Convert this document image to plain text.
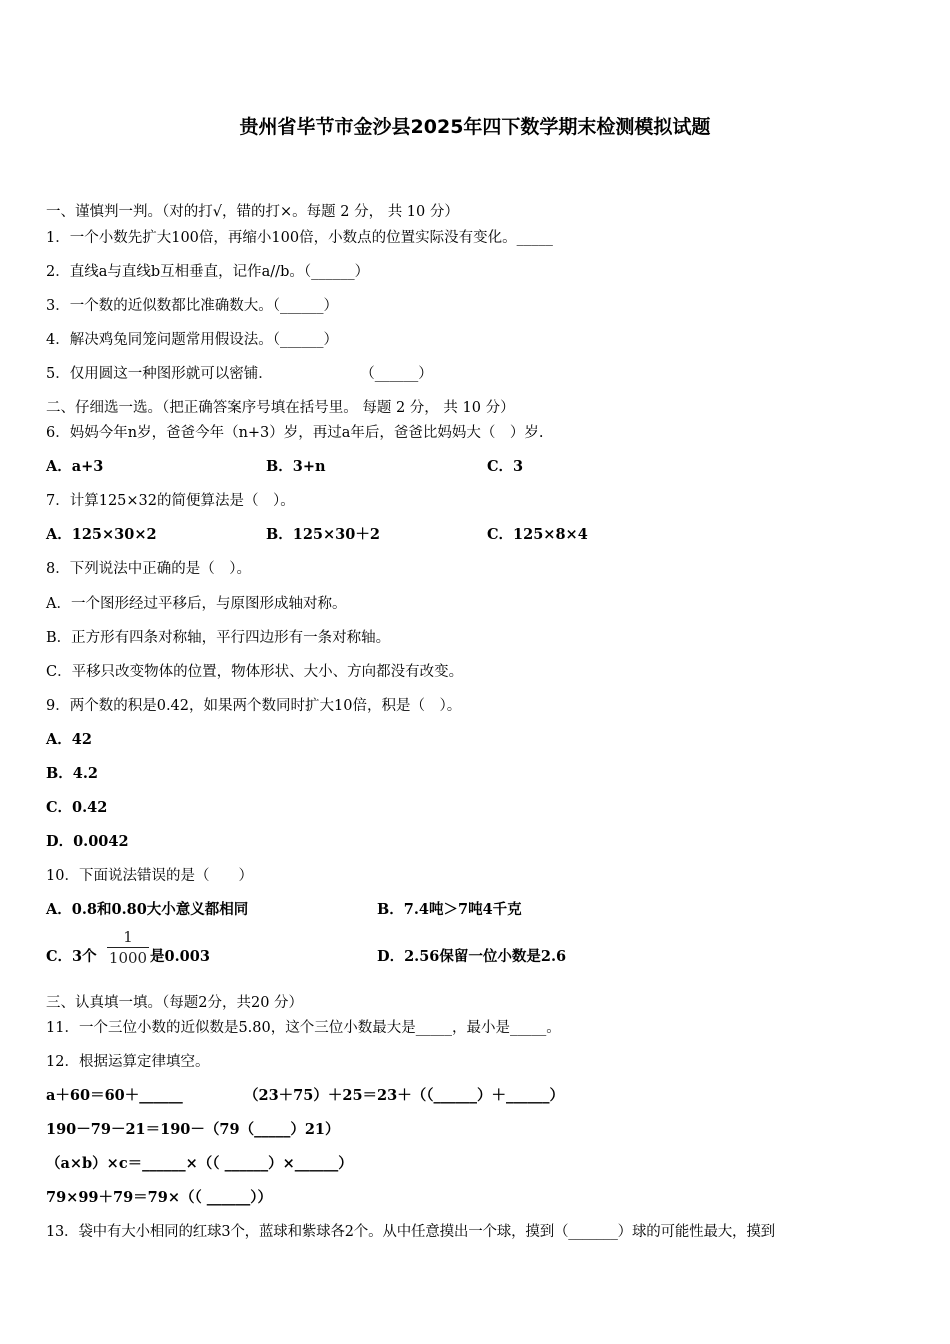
贵州省毕节市金沙县2025年四下数学期末检测模拟试题
一、谨慎判一判。（对的打√，错的打×。每题 2 分， 共 10 分）
1．一个小数先扩大100倍，再缩小100倍，小数点的位置实际没有变化。_____
2．直线a与直线b互相垂直，记作a//b。（______）
3．一个数的近似数都比准确数大。（______）
4．解决鸡兔同笼问题常用假设法。（______）
5．仅用圆这一种图形就可以密铺．                   （______）
二、仔细选一选。（把正确答案序号填在括号里。 每题 2 分， 共 10 分）
6．妈妈今年n岁，爸爸今年（n+3）岁，再过a年后，爸爸比妈妈大（　）岁.
A．a+3	B．3+n	C．3
7．计算125×32的简便算法是（　）。
A．125×30×2	B．125×30＋2	C．125×8×4
8．下列说法中正确的是（　）。
A．一个图形经过平移后，与原图形成轴对称。
B．正方形有四条对称轴，平行四边形有一条对称轴。
C．平移只改变物体的位置，物体形状、大小、方向都没有改变。
9．两个数的积是0.42，如果两个数同时扩大10倍，积是（　）。
A．42
B．4.2
C．0.42
D．0.0042
10．下面说法错误的是（　　）
A．0.8和0.80大小意义都相同	B．7.4吨＞7吨4千克
C．3个
1
1000 是0.003	D．2.56保留一位小数是2.6
三、认真填一填。（每题2分，共20 分）
11．一个三位小数的近似数是5.80，这个三位小数最大是_____，最小是_____。
12．根据运算定律填空。
a＋60＝60＋______	（23＋75）＋25＝23＋（（______）＋______）
190－79－21＝190－（79（_____）21）
（a×b）×c＝______×（（ ______）×______）
79×99＋79＝79×（（ ______））
13．袋中有大小相同的红球3个，蓝球和紫球各2个。从中任意摸出一个球，摸到（_______）球的可能性最大，摸到
